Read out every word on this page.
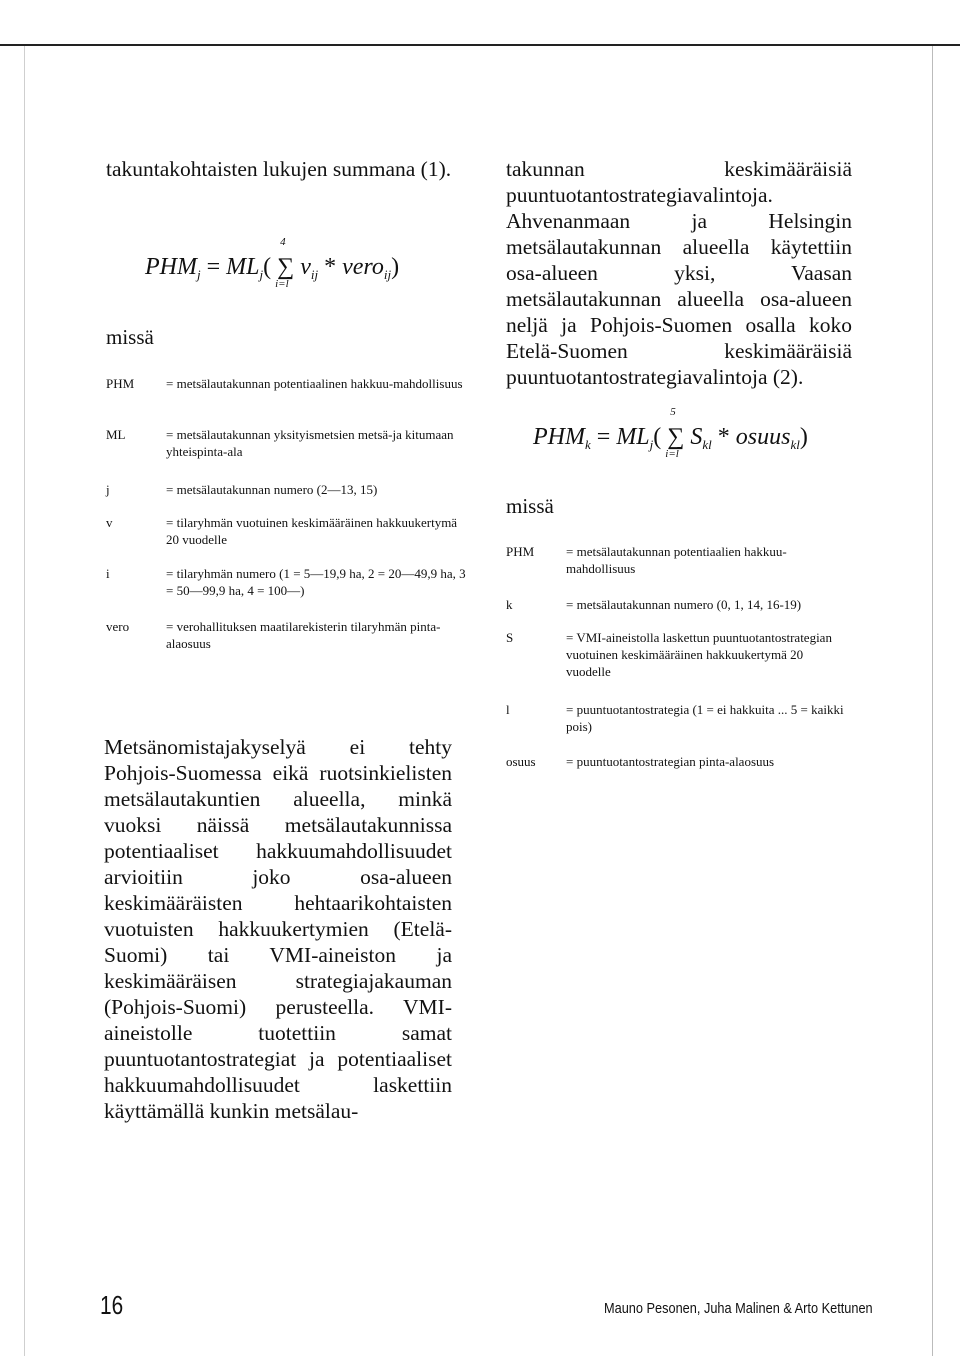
takuntakohtaisten lukujen summana (1).

$PHM_j = ML_j$( ∑
4
i=l
$v_{ij}$ * vero$_{ij}$)
missä
PHM	= metsälautakunnan potentiaalinen hakkuu-mahdollisuus
ML	= metsälautakunnan yksityismetsien metsä-ja kitumaan yhteispinta-ala
j	= metsälautakunnan numero (2—13, 15)
v	= tilaryhmän vuotuinen keskimääräinen hakkuukertymä 20 vuodelle
i	= tilaryhmän numero (1 = 5—19,9 ha, 2 = 20—49,9 ha, 3 = 50—99,9 ha, 4 = 100—)
vero	= verohallituksen maatilarekisterin tilaryhmän pinta-alaosuus

Metsänomistajakyselyä ei tehty Pohjois-Suomessa eikä ruotsinkielisten metsälautakuntien alueella, minkä vuoksi näissä metsälautakunnissa potentiaaliset hakkuumahdollisuudet arvioitiin joko osa-alueen keskimääräisten hehtaarikohtaisten vuotuisten hakkuukertymien (Etelä-Suomi) tai VMI-aineiston ja keskimääräisen strategiajakauman (Pohjois-Suomi) perusteella. VMI-aineistolle tuotettiin samat puuntuotantostrategiat ja potentiaaliset hakkuumahdollisuudet laskettiin käyttämällä kunkin metsälau-

takunnan keskimääräisiä puuntuotantostrategiavalintoja. Ahvenanmaan ja Helsingin metsälautakunnan alueella käytettiin osa-alueen yksi, Vaasan metsälautakunnan alueella osa-alueen neljä ja Pohjois-Suomen osalla koko Etelä-Suomen keskimääräisiä puuntuotantostrategiavalintoja (2).

$PHM_k = ML_j$( ∑
5
i=l
$S_{kl}$ * osuus$_{kl}$)
missä
PHM	= metsälautakunnan potentiaalien hakkuu-mahdollisuus
k	= metsälautakunnan numero (0, 1, 14, 16-19)
S	= VMI-aineistolla laskettun puuntuotantostrategian vuotuinen keskimääräinen hakkuukertymä 20 vuodelle
l	= puuntuotantostrategia (1 = ei hakkuita ... 5 = kaikki pois)
osuus	= puuntuotantostrategian pinta-alaosuus
16	Mauno Pesonen, Juha Malinen & Arto Kettunen
